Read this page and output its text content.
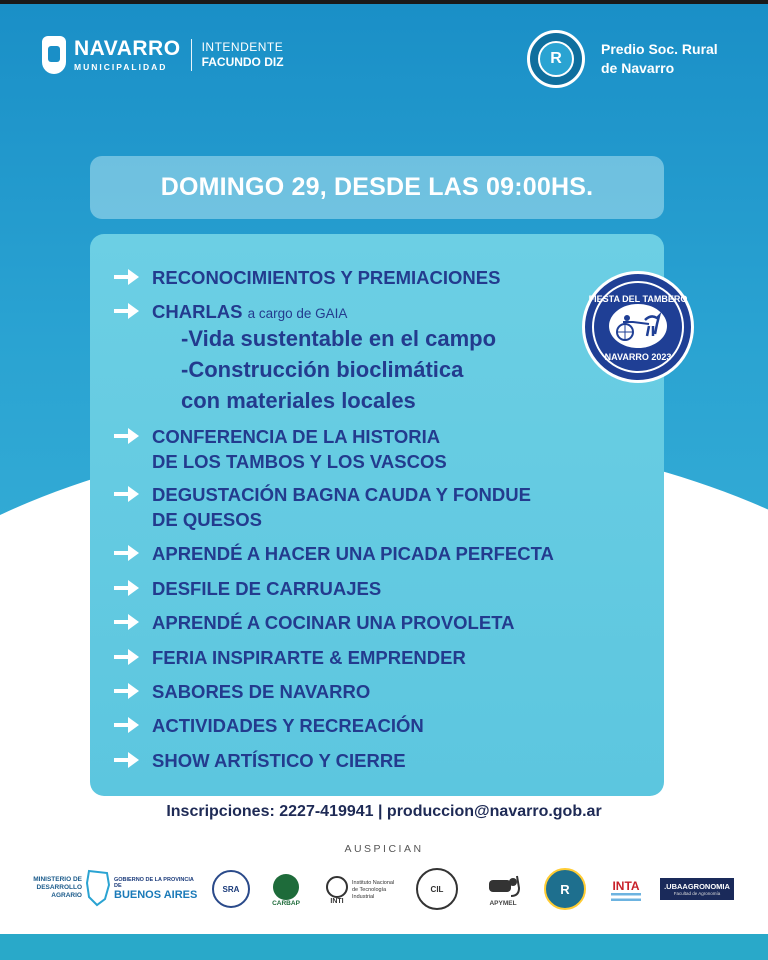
NAVARRO
MUNICIPALIDAD
INTENDENTE
FACUNDO DIZ	R
Predio Soc. Rural
de Navarro
DOMINGO 29, DESDE LAS 09:00HS.
RECONOCIMIENTOS Y PREMIACIONES
CHARLAS a cargo de GAIA
-Vida sustentable en el campo
-Construcción bioclimática
con materiales locales
CONFERENCIA DE LA HISTORIA
DE LOS TAMBOS Y LOS VASCOS
DEGUSTACIÓN BAGNA CAUDA Y FONDUE
DE QUESOS
APRENDÉ A HACER UNA PICADA PERFECTA
DESFILE DE CARRUAJES
APRENDÉ A COCINAR UNA PROVOLETA
FERIA INSPIRARTE & EMPRENDER
SABORES DE NAVARRO
ACTIVIDADES Y RECREACIÓN
SHOW ARTÍSTICO Y CIERRE
FIESTA DEL TAMBERO
NAVARRO 2023
Inscripciones: 2227-419941 | produccion@navarro.gob.ar
AUSPICIAN
MINISTERIO DE DESARROLLO AGRARIO
GOBIERNO DE LA PROVINCIA DE
BUENOS AIRES	SRA
CARBAP	INTI
Instituto Nacional de Tecnología Industrial
CIL
APYMEL
R	INTA	.UBAAGRONOMIA
Facultad de Agronomía
